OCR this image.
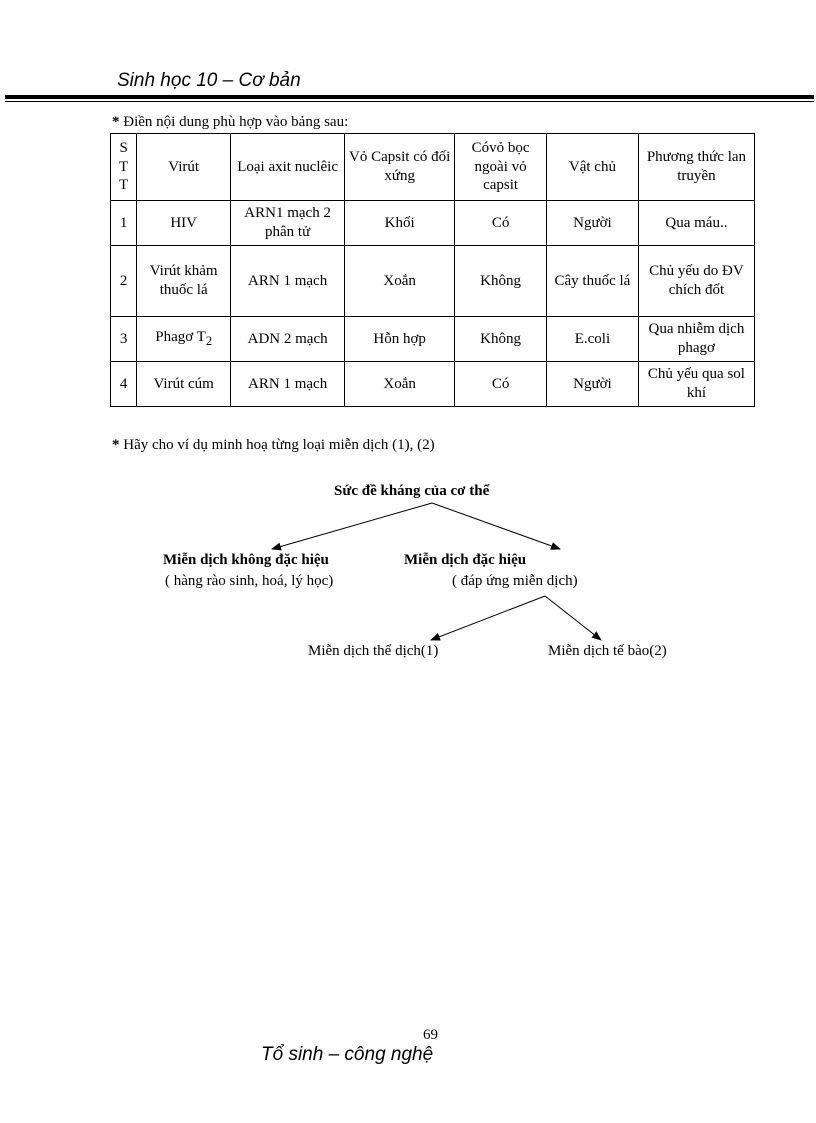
Sinh học 10 – Cơ bản
* Điền nội dung phù hợp vào bảng sau:
S
T
T	Virút	Loại axit nuclêic	Vỏ Capsit có đối xứng	Cóvỏ bọc ngoài vỏ capsit	Vật chủ	Phương thức lan truyền
1	HIV	ARN1 mạch 2 phân tử	Khối	Có	Người	Qua máu..
2	Virút khảm thuốc lá	ARN 1 mạch	Xoắn	Không	Cây thuốc lá	Chủ yếu do ĐV chích đốt
3	Phagơ $T_2$	ADN 2 mạch	Hỗn hợp	Không	E.coli	Qua nhiễm dịch phagơ
4	Virút cúm	ARN 1 mạch	Xoắn	Có	Người	Chủ yếu qua sol khí
* Hãy cho ví dụ minh hoạ từng loại miễn dịch (1), (2)
Sức đề kháng của cơ thể
Miễn dịch không đặc hiệu
( hàng rào sinh, hoá, lý học)
Miễn dịch đặc hiệu
( đáp ứng miễn dịch)
Miễn dịch thể dịch(1)	Miễn dịch tế bào(2)
69
Tổ sinh – công nghệ
